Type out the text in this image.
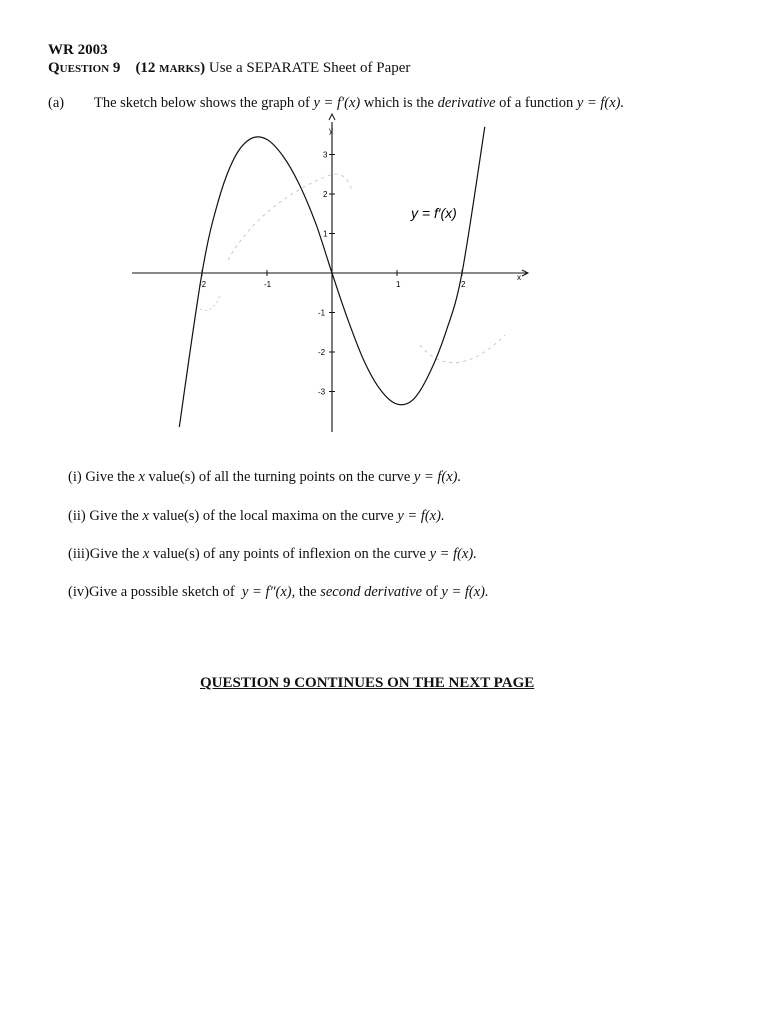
WR 2003
Question 9 (12 marks) Use a SEPARATE Sheet of Paper
(a) The sketch below shows the graph of y = f′(x) which is the derivative of a function y = f(x).
y
x
-2	-1	1	2
3
2
1
-1
-2
-3
y = f′(x)
(i) Give the x value(s) of all the turning points on the curve y = f(x).
(ii) Give the x value(s) of the local maxima on the curve y = f(x).
(iii)Give the x value(s) of any points of inflexion on the curve y = f(x).
(iv)Give a possible sketch of y = f″(x), the second derivative of y = f(x).
QUESTION 9 CONTINUES ON THE NEXT PAGE
